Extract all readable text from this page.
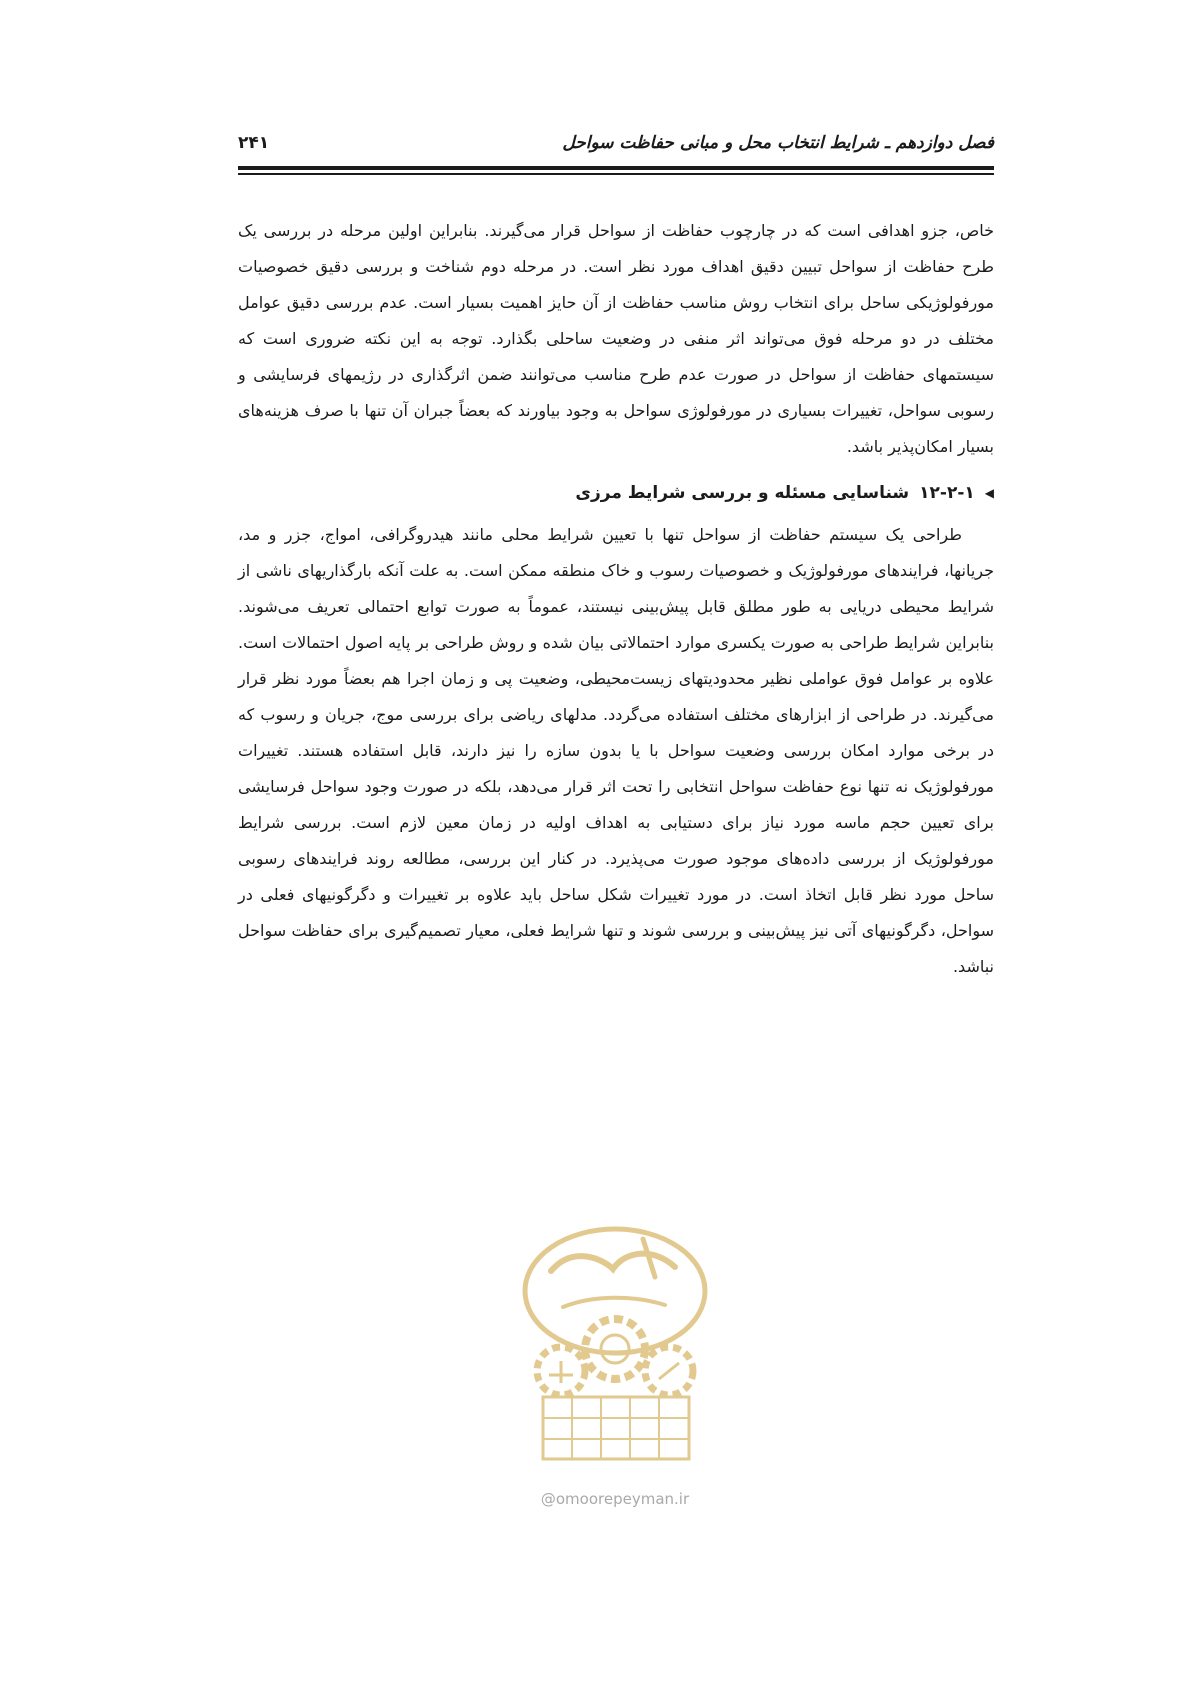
فصل دوازدهم ـ شرایط انتخاب محل و مبانی حفاظت سواحل
۲۴۱

خاص، جزو اهدافی است که در چارچوب حفاظت از سواحل قرار می‌گیرند. بنابراین اولین مرحله در بررسی یک طرح حفاظت از سواحل تبیین دقیق اهداف مورد نظر است. در مرحله دوم شناخت و بررسی دقیق خصوصیات مورفولوژیکی ساحل برای انتخاب روش مناسب حفاظت از آن حایز اهمیت بسیار است. عدم بررسی دقیق عوامل مختلف در دو مرحله فوق می‌تواند اثر منفی در وضعیت ساحلی بگذارد. توجه به این نکته ضروری است که سیستمهای حفاظت از سواحل در صورت عدم طرح مناسب می‌توانند ضمن اثرگذاری در رژیمهای فرسایشی و رسوبی سواحل، تغییرات بسیاری در مورفولوژی سواحل به وجود بیاورند که بعضاً جبران آن تنها با صرف هزینه‌های بسیار امکان‌پذیر باشد.

◀
۱۲-۲-۱
شناسایی مسئله و بررسی شرایط مرزی

طراحی یک سیستم حفاظت از سواحل تنها با تعیین شرایط محلی مانند هیدروگرافی، امواج، جزر و مد، جریانها، فرایندهای مورفولوژیک و خصوصیات رسوب و خاک منطقه ممکن است. به علت آنکه بارگذاریهای ناشی از شرایط محیطی دریایی به طور مطلق قابل پیش‌بینی نیستند، عموماً به صورت توابع احتمالی تعریف می‌شوند. بنابراین شرایط طراحی به صورت یکسری موارد احتمالاتی بیان شده و روش طراحی بر پایه اصول احتمالات است. علاوه بر عوامل فوق عواملی نظیر محدودیتهای زیست‌محیطی، وضعیت پی و زمان اجرا هم بعضاً مورد نظر قرار می‌گیرند. در طراحی از ابزارهای مختلف استفاده می‌گردد. مدلهای ریاضی برای بررسی موج، جریان و رسوب که در برخی موارد امکان بررسی وضعیت سواحل با یا بدون سازه را نیز دارند، قابل استفاده هستند. تغییرات مورفولوژیک نه تنها نوع حفاظت سواحل انتخابی را تحت اثر قرار می‌دهد، بلکه در صورت وجود سواحل فرسایشی برای تعیین حجم ماسه مورد نیاز برای دستیابی به اهداف اولیه در زمان معین لازم است. بررسی شرایط مورفولوژیک از بررسی داده‌های موجود صورت می‌پذیرد. در کنار این بررسی، مطالعه روند فرایندهای رسوبی ساحل مورد نظر قابل اتخاذ است. در مورد تغییرات شکل ساحل باید علاوه بر تغییرات و دگرگونیهای فعلی در سواحل، دگرگونیهای آتی نیز پیش‌بینی و بررسی شوند و تنها شرایط فعلی، معیار تصمیم‌گیری برای حفاظت سواحل نباشد.

@omoorepeyman.ir
